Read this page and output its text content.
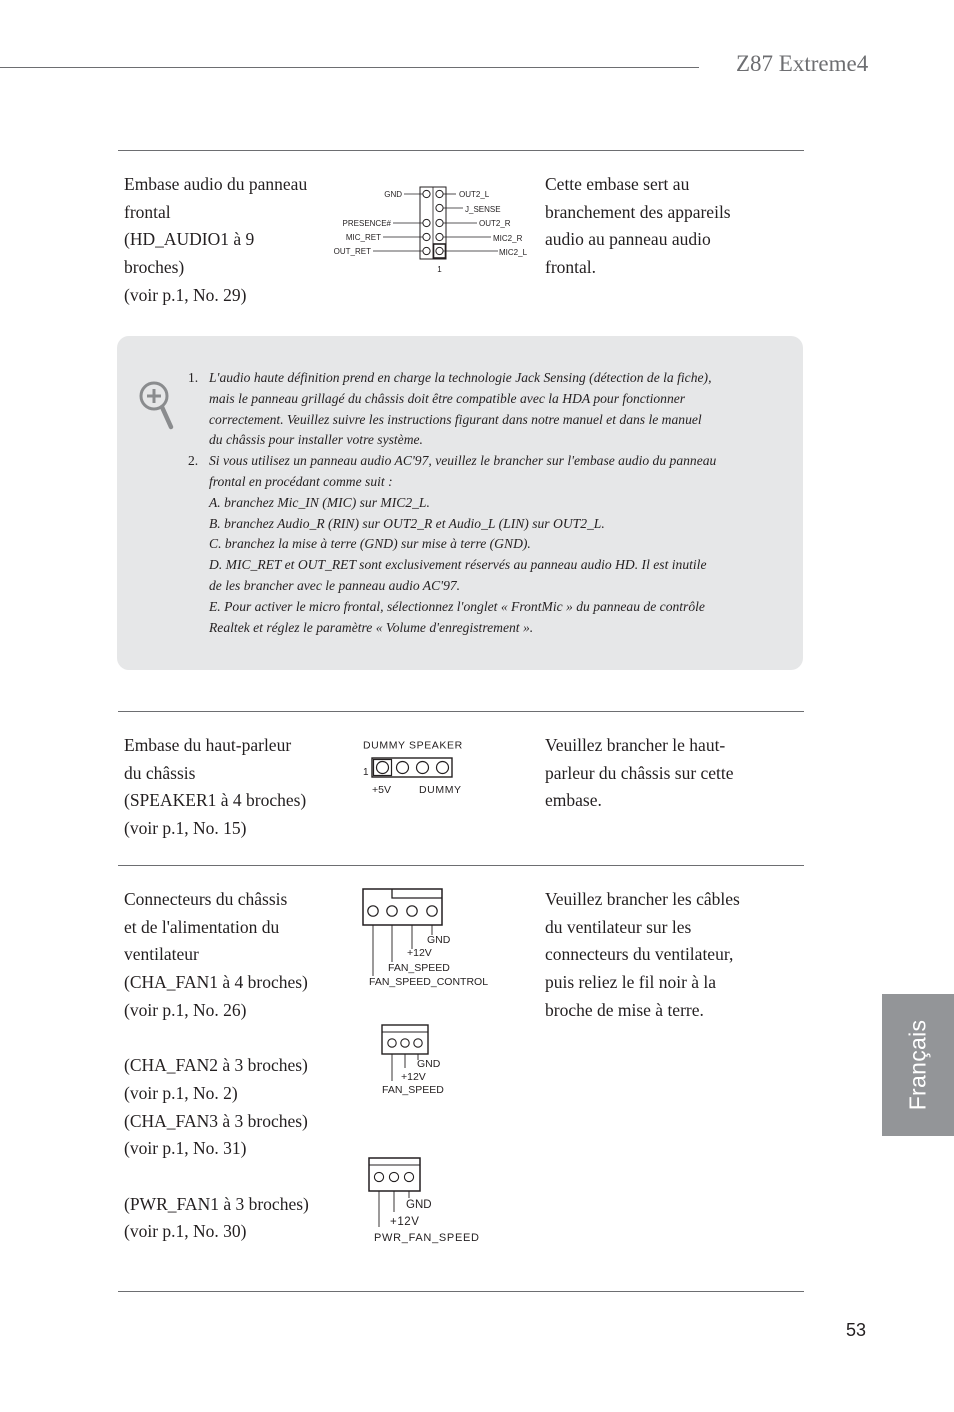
Z87 Extreme4
Embase audio du panneau
frontal
(HD_AUDIO1 à 9
broches)
(voir p.1, No. 29)
GND
PRESENCE#
MIC_RET
OUT_RET
OUT2_L
J_SENSE
OUT2_R
MIC2_R
MIC2_L
1
Cette embase sert au
branchement des appareils
audio au panneau audio
frontal.
1. L'audio haute définition prend en charge la technologie Jack Sensing (détection de la fiche),
mais le panneau grillagé du châssis doit être compatible avec la HDA pour fonctionner
correctement. Veuillez suivre les instructions figurant dans notre manuel et dans le manuel
du châssis pour installer votre système.
2. Si vous utilisez un panneau audio AC'97, veuillez le brancher sur l'embase audio du panneau
frontal en procédant comme suit :
A. branchez Mic_IN (MIC) sur MIC2_L.
B. branchez Audio_R (RIN) sur OUT2_R et Audio_L (LIN) sur OUT2_L.
C. branchez la mise à terre (GND) sur mise à terre (GND).
D. MIC_RET et OUT_RET sont exclusivement réservés au panneau audio HD. Il est inutile
de les brancher avec le panneau audio AC'97.
E. Pour activer le micro frontal, sélectionnez l'onglet « FrontMic » du panneau de contrôle
Realtek et réglez le paramètre « Volume d'enregistrement ».
Embase du haut-parleur
du châssis
(SPEAKER1 à 4 broches)
(voir p.1, No. 15)
DUMMY SPEAKER
1
+5V	DUMMY
Veuillez brancher le haut-
parleur du châssis sur cette
embase.
Connecteurs du châssis
et de l'alimentation du
ventilateur
(CHA_FAN1 à 4 broches)
(voir p.1, No. 26)
(CHA_FAN2 à 3 broches)
(voir p.1, No. 2)
(CHA_FAN3 à 3 broches)
(voir p.1, No. 31)
(PWR_FAN1 à 3 broches)
(voir p.1, No. 30)
GND
+12V
FAN_SPEED
FAN_SPEED_CONTROL
GND
+12V
FAN_SPEED
GND
+12V
PWR_FAN_SPEED
Veuillez brancher les câbles
du ventilateur sur les
connecteurs du ventilateur,
puis reliez le fil noir à la
broche de mise à terre.
Français
53
